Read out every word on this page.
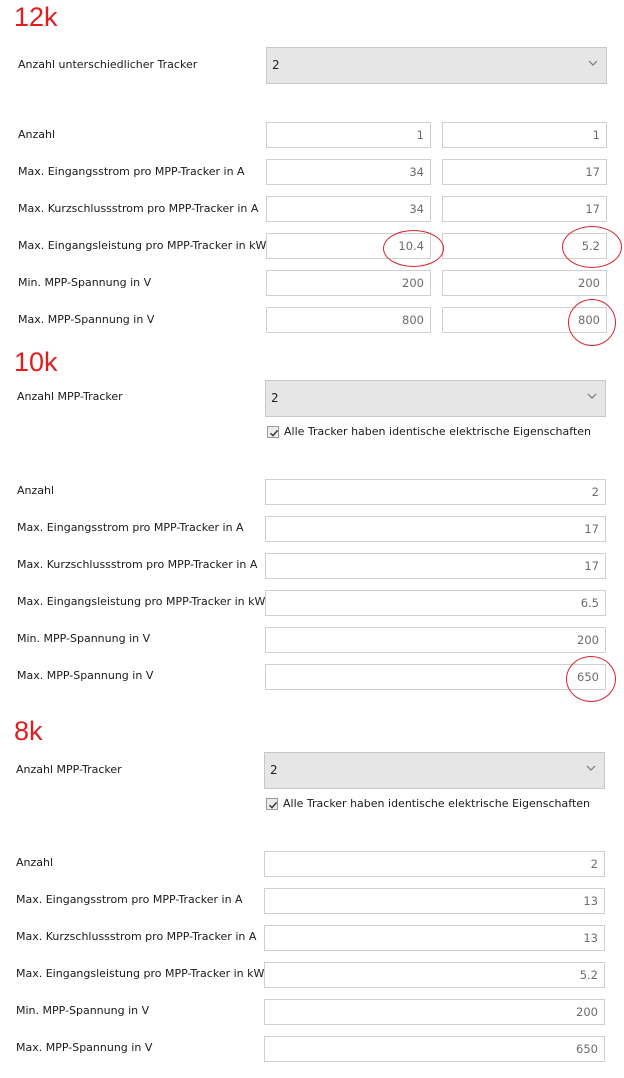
12k
Anzahl unterschiedlicher Tracker	2
Anzahl	1	1
Max. Eingangsstrom pro MPP-Tracker in A	34	17
Max. Kurzschlussstrom pro MPP-Tracker in A	34	17
Max. Eingangsleistung pro MPP-Tracker in kW	10.4	5.2
Min. MPP-Spannung in V	200	200
Max. MPP-Spannung in V	800	800
10k
Anzahl MPP-Tracker	2
Alle Tracker haben identische elektrische Eigenschaften
Anzahl	2
Max. Eingangsstrom pro MPP-Tracker in A	17
Max. Kurzschlussstrom pro MPP-Tracker in A	17
Max. Eingangsleistung pro MPP-Tracker in kW	6.5
Min. MPP-Spannung in V	200
Max. MPP-Spannung in V	650
8k
Anzahl MPP-Tracker	2
Alle Tracker haben identische elektrische Eigenschaften
Anzahl	2
Max. Eingangsstrom pro MPP-Tracker in A	13
Max. Kurzschlussstrom pro MPP-Tracker in A	13
Max. Eingangsleistung pro MPP-Tracker in kW	5.2
Min. MPP-Spannung in V	200
Max. MPP-Spannung in V	650
